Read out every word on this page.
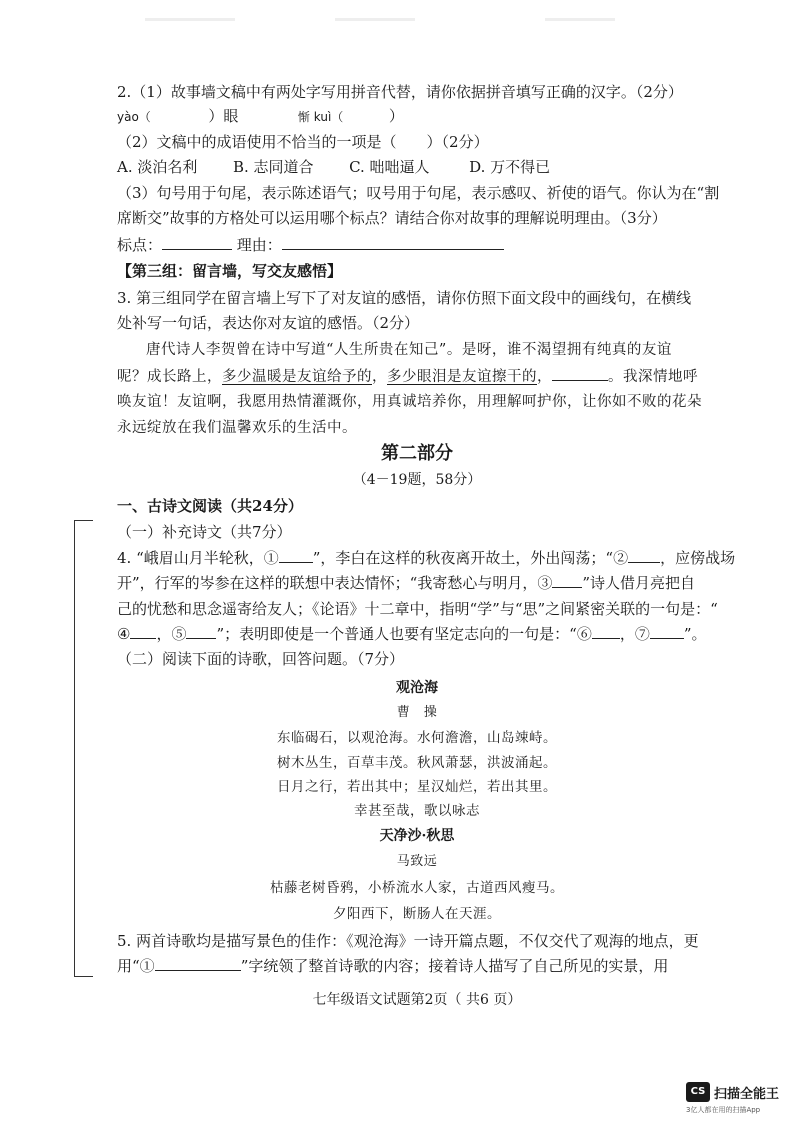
2.（1）故事墙文稿中有两处字写用拼音代替，请你依据拼音填写正确的汉字。（2分）
yào（	）眼	惭 kuì（	）
（2）文稿中的成语使用不恰当的一项是（　　）（2分）
A. 淡泊名利 B. 志同道合 C. 咄咄逼人	D. 万不得已
（3）句号用于句尾，表示陈述语气；叹号用于句尾，表示感叹、祈使的语气。你认为在“割
席断交”故事的方格处可以运用哪个标点？请结合你对故事的理解说明理由。（3分）
标点：	理由：
【第三组：留言墙，写交友感悟】
3. 第三组同学在留言墙上写下了对友谊的感悟，请你仿照下面文段中的画线句，在横线
处补写一句话，表达你对友谊的感悟。（2分）
唐代诗人李贺曾在诗中写道“人生所贵在知己”。是呀，谁不渴望拥有纯真的友谊
呢？成长路上，多少温暖是友谊给予的，多少眼泪是友谊擦干的，	。我深情地呼
唤友谊！友谊啊，我愿用热情灌溉你，用真诚培养你，用理解呵护你，让你如不败的花朵
永远绽放在我们温馨欢乐的生活中。
第二部分
（4－19题，58分）
一、古诗文阅读（共24分）
（一）补充诗文（共7分）
4. “峨眉山月半轮秋，① ”，李白在这样的秋夜离开故土，外出闯荡；“② ，应傍战场
开”，行军的岑参在这样的联想中表达情怀；“我寄愁心与明月，③ ”诗人借月亮把自
己的忧愁和思念遥寄给友人；《论语》十二章中，指明“学”与“思”之间紧密关联的一句是：“
④ ，⑤ ”；表明即使是一个普通人也要有坚定志向的一句是：“⑥ ，⑦ ”。
（二）阅读下面的诗歌，回答问题。（7分）
观沧海
曹　操
东临碣石，以观沧海。水何澹澹，山岛竦峙。
树木丛生，百草丰茂。秋风萧瑟，洪波涌起。
日月之行，若出其中；星汉灿烂，若出其里。
幸甚至哉，歌以咏志
天净沙·秋思
马致远
枯藤老树昏鸦，小桥流水人家，古道西风瘦马。
夕阳西下，断肠人在天涯。
5. 两首诗歌均是描写景色的佳作：《观沧海》一诗开篇点题，不仅交代了观海的地点，更
用“①	”字统领了整首诗歌的内容；接着诗人描写了自己所见的实景，用
七年级语文试题第2页（ 共6 页）
CS 扫描全能王
3亿人都在用的扫描App
